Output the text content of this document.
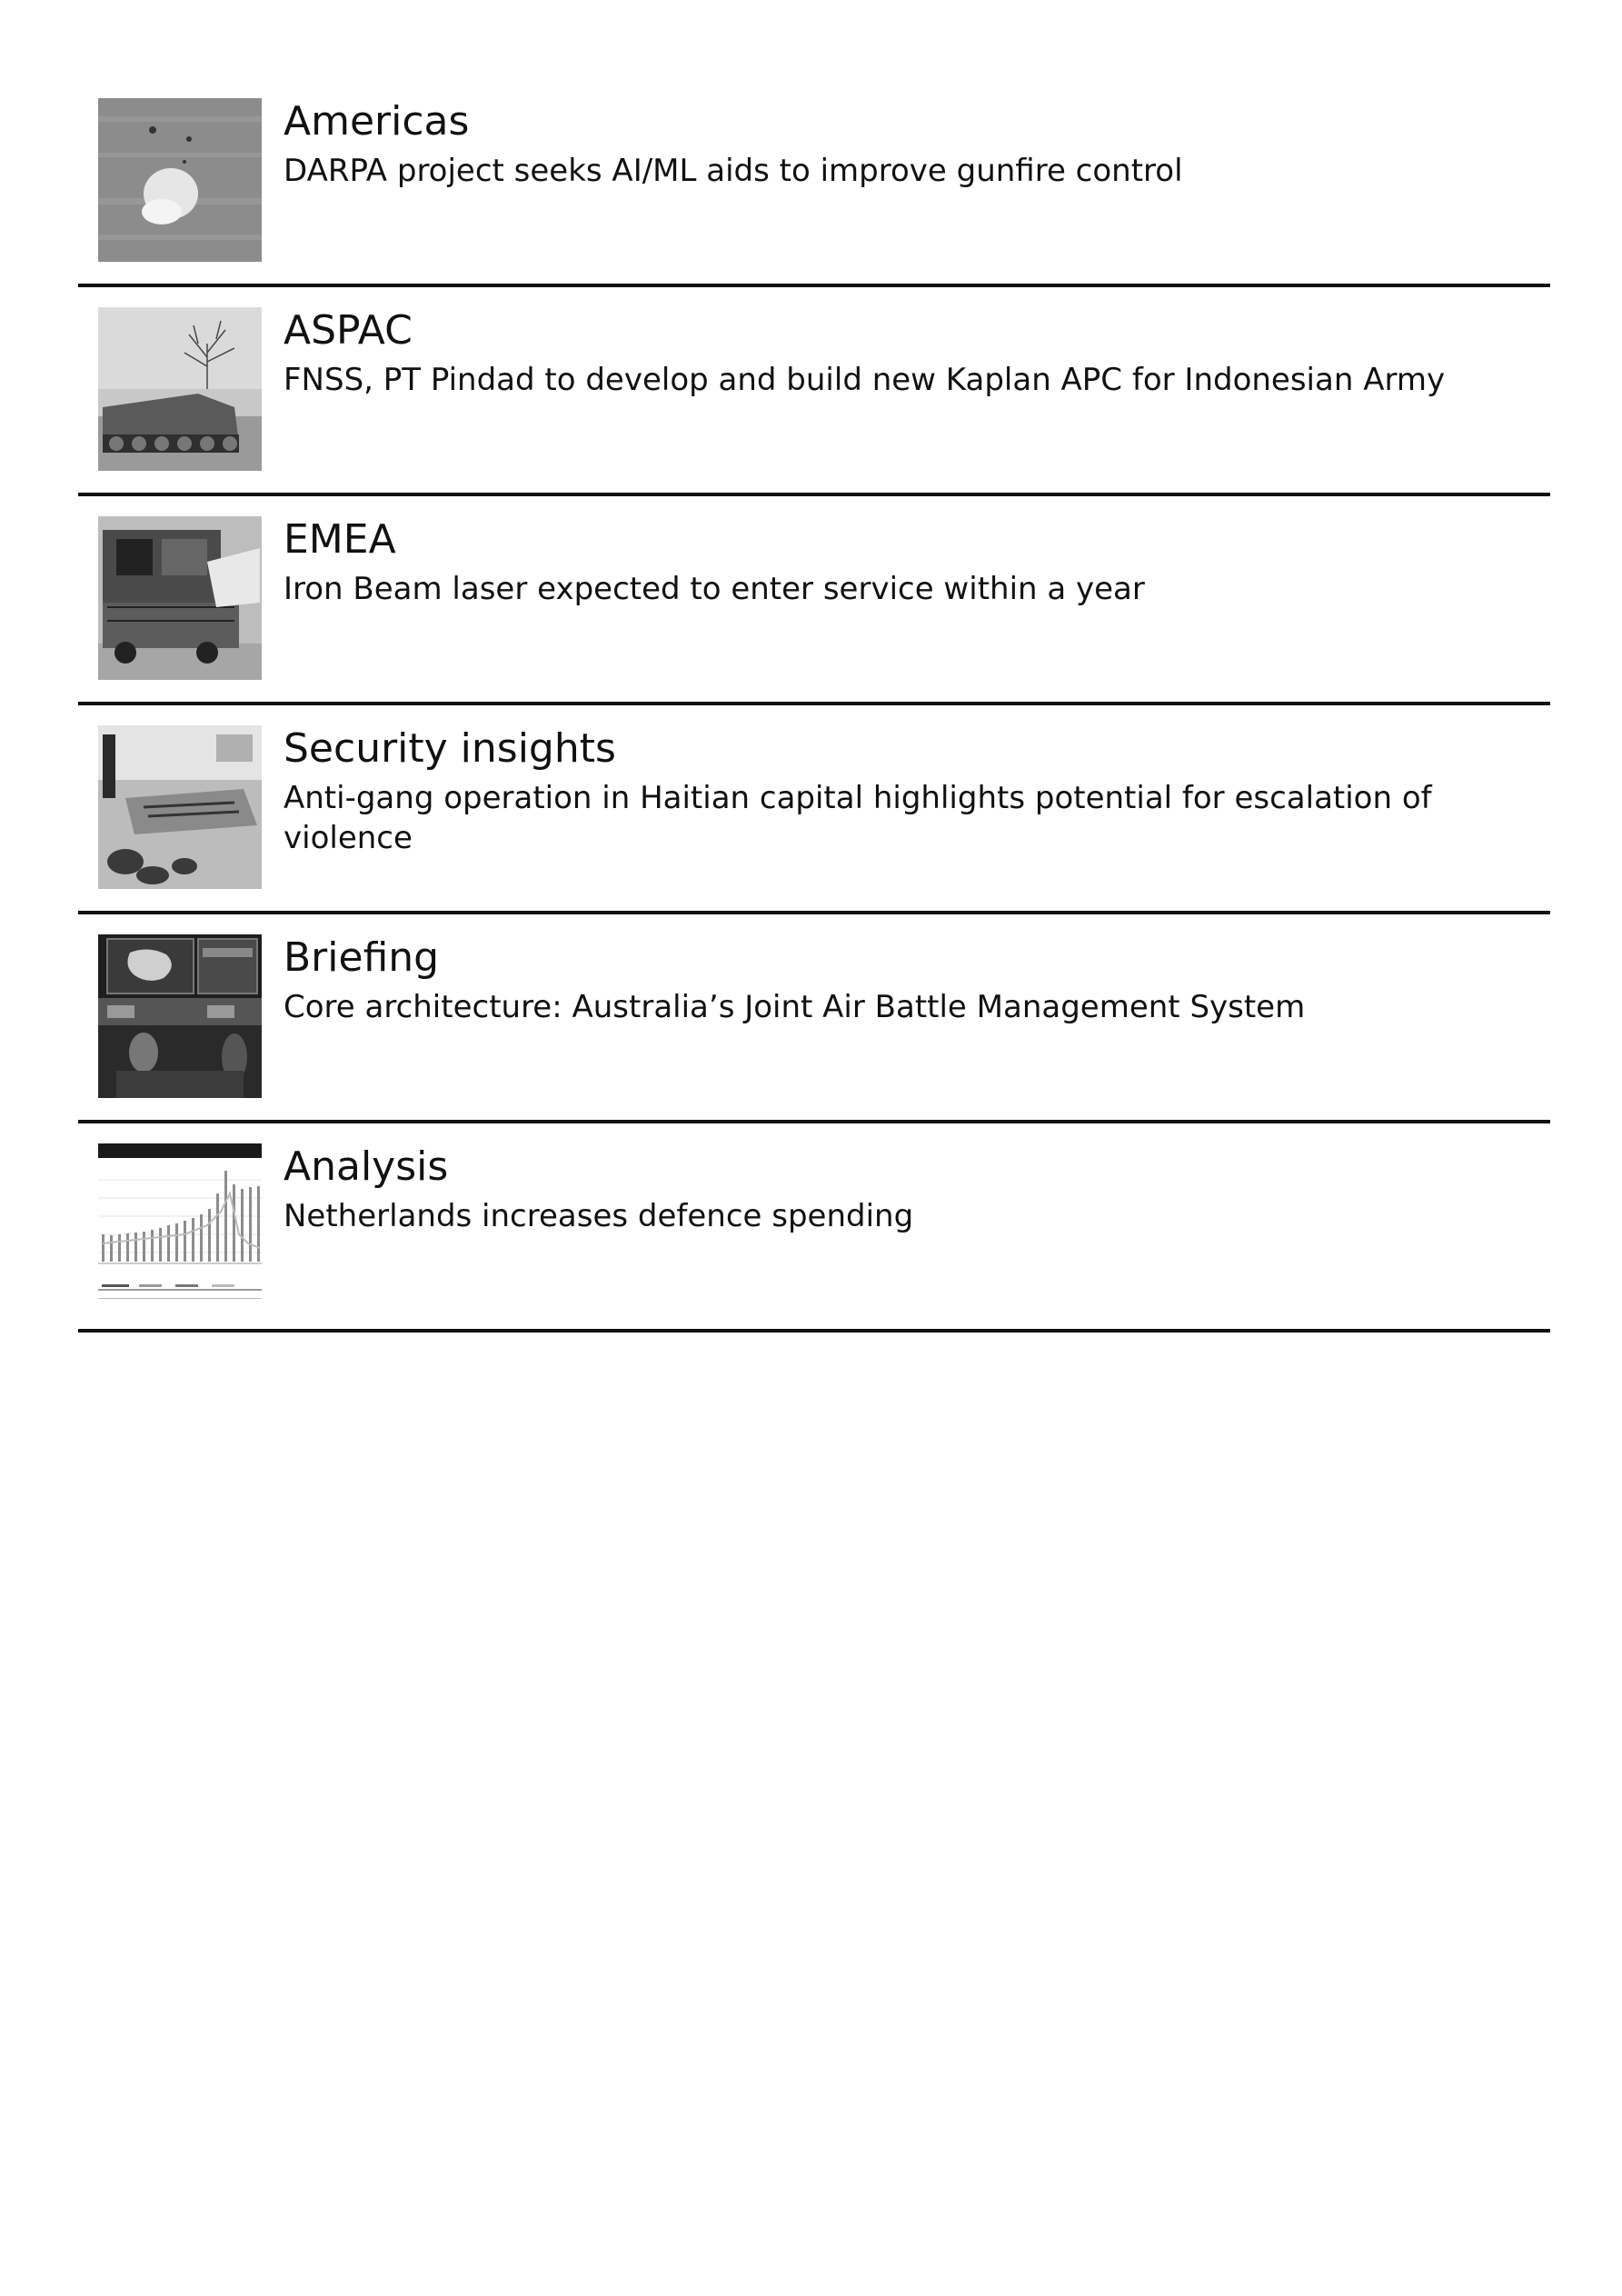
Americas
DARPA project seeks AI/ML aids to improve gunfire control
ASPAC
FNSS, PT Pindad to develop and build new Kaplan APC for Indonesian Army
EMEA
Iron Beam laser expected to enter service within a year
Security insights
Anti-gang operation in Haitian capital highlights potential for escalation of violence
Briefing
Core architecture: Australia’s Joint Air Battle Management System
Analysis
Netherlands increases defence spending
